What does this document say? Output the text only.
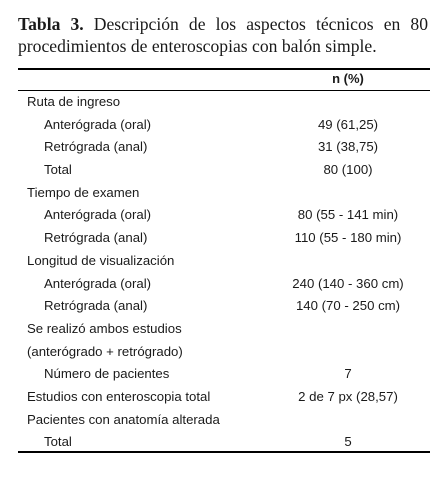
Tabla 3. Descripción de los aspectos técnicos en 80 procedimientos de enteroscopias con balón simple.
n (%)
Ruta de ingreso
Anterógrada (oral)	49 (61,25)
Retrógrada (anal)	31 (38,75)
Total	80 (100)
Tiempo de examen
Anterógrada (oral)	80 (55 - 141 min)
Retrógrada (anal)	110 (55 - 180 min)
Longitud de visualización
Anterógrada (oral)	240 (140 - 360 cm)
Retrógrada (anal)	140 (70 - 250 cm)
Se realizó ambos estudios
(anterógrado + retrógrado)
Número de pacientes	7
Estudios con enteroscopia total	2 de 7 px (28,57)
Pacientes con anatomía alterada
Total	5
